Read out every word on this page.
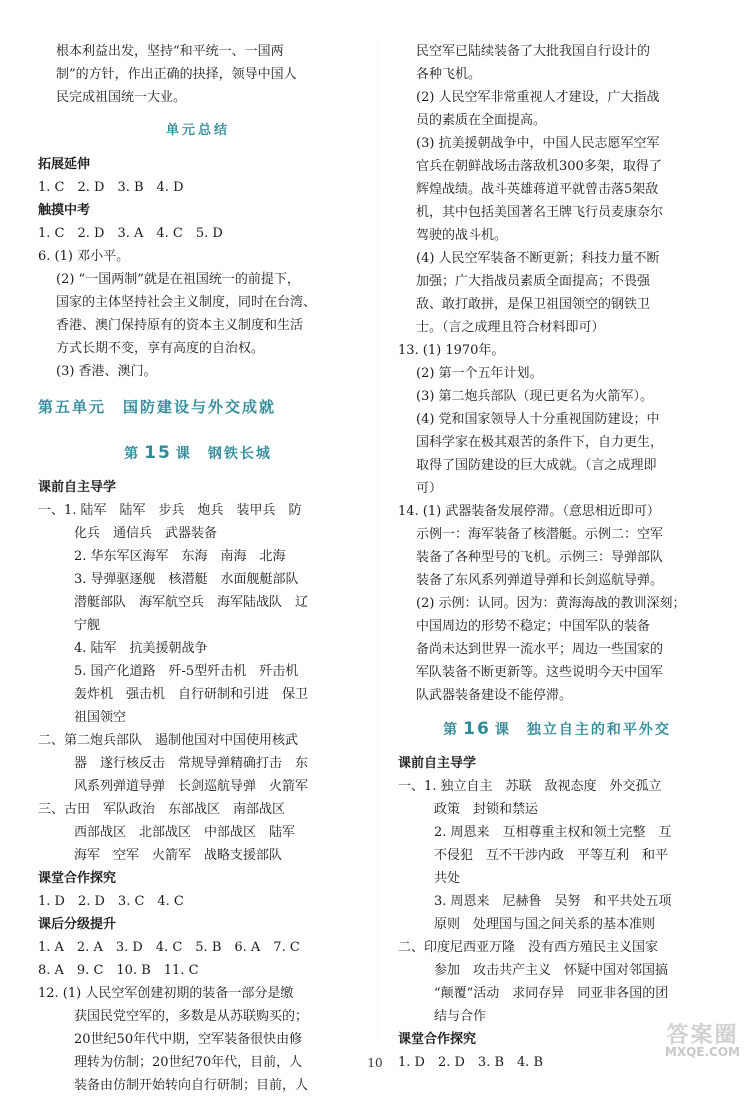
根本利益出发，坚持“和平统一、一国两
制”的方针，作出正确的抉择，领导中国人
民完成祖国统一大业。
单元总结
拓展延伸
1. C　2. D　3. B　4. D
触摸中考
1. C　2. D　3. A　4. C　5. D
6. (1) 邓小平。
(2) “一国两制”就是在祖国统一的前提下，
国家的主体坚持社会主义制度，同时在台湾、
香港、澳门保持原有的资本主义制度和生活
方式长期不变，享有高度的自治权。
(3) 香港、澳门。
第五单元　国防建设与外交成就
第 15 课　钢铁长城
课前自主导学
一、1. 陆军　陆军　步兵　炮兵　装甲兵　防
化兵　通信兵　武器装备
2. 华东军区海军　东海　南海　北海
3. 导弹驱逐舰　核潜艇　水面舰艇部队
潜艇部队　海军航空兵　海军陆战队　辽
宁舰
4. 陆军　抗美援朝战争
5. 国产化道路　歼-5型歼击机　歼击机
轰炸机　强击机　自行研制和引进　保卫
祖国领空
二、第二炮兵部队　遏制他国对中国使用核武
器　遂行核反击　常规导弹精确打击　东
风系列弹道导弹　长剑巡航导弹　火箭军
三、古田　军队政治　东部战区　南部战区
西部战区　北部战区　中部战区　陆军
海军　空军　火箭军　战略支援部队
课堂合作探究
1. D　2. D　3. C　4. C
课后分级提升
1. A　2. A　3. D　4. C　5. B　6. A　7. C
8. A　9. C　10. B　11. C
12. (1) 人民空军创建初期的装备一部分是缴
获国民党空军的，多数是从苏联购买的；
20世纪50年代中期，空军装备很快由修
理转为仿制；20世纪70年代，目前，人
装备由仿制开始转向自行研制；目前，人
民空军已陆续装备了大批我国自行设计的
各种飞机。
(2) 人民空军非常重视人才建设，广大指战
员的素质在全面提高。
(3) 抗美援朝战争中，中国人民志愿军空军
官兵在朝鲜战场击落敌机300多架，取得了
辉煌战绩。战斗英雄蒋道平就曾击落5架敌
机，其中包括美国著名王牌飞行员麦康奈尔
驾驶的战斗机。
(4) 人民空军装备不断更新；科技力量不断
加强；广大指战员素质全面提高；不畏强
敌、敢打敢拼，是保卫祖国领空的钢铁卫
士。（言之成理且符合材料即可）
13. (1) 1970年。
(2) 第一个五年计划。
(3) 第二炮兵部队（现已更名为火箭军）。
(4) 党和国家领导人十分重视国防建设；中
国科学家在极其艰苦的条件下，自力更生，
取得了国防建设的巨大成就。（言之成理即
可）
14. (1) 武器装备发展停滞。（意思相近即可）
示例一：海军装备了核潜艇。示例二：空军
装备了各种型号的飞机。示例三：导弹部队
装备了东风系列弹道导弹和长剑巡航导弹。
(2) 示例：认同。因为：黄海海战的教训深刻；
中国周边的形势不稳定；中国军队的装备
备尚未达到世界一流水平；周边一些国家的
军队装备不断更新等。这些说明今天中国军
队武器装备建设不能停滞。
第 16 课　独立自主的和平外交
课前自主导学
一、1. 独立自主　苏联　敌视态度　外交孤立
政策　封锁和禁运
2. 周恩来　互相尊重主权和领土完整　互
不侵犯　互不干涉内政　平等互利　和平
共处
3. 周恩来　尼赫鲁　吴努　和平共处五项
原则　处理国与国之间关系的基本准则
二、印度尼西亚万隆　没有西方殖民主义国家
参加　攻击共产主义　怀疑中国对邻国搞
“颠覆”活动　求同存异　同亚非各国的团
结与合作
课堂合作探究
1. D　2. D　3. B　4. B
10
答案圈
MXQE.COM
